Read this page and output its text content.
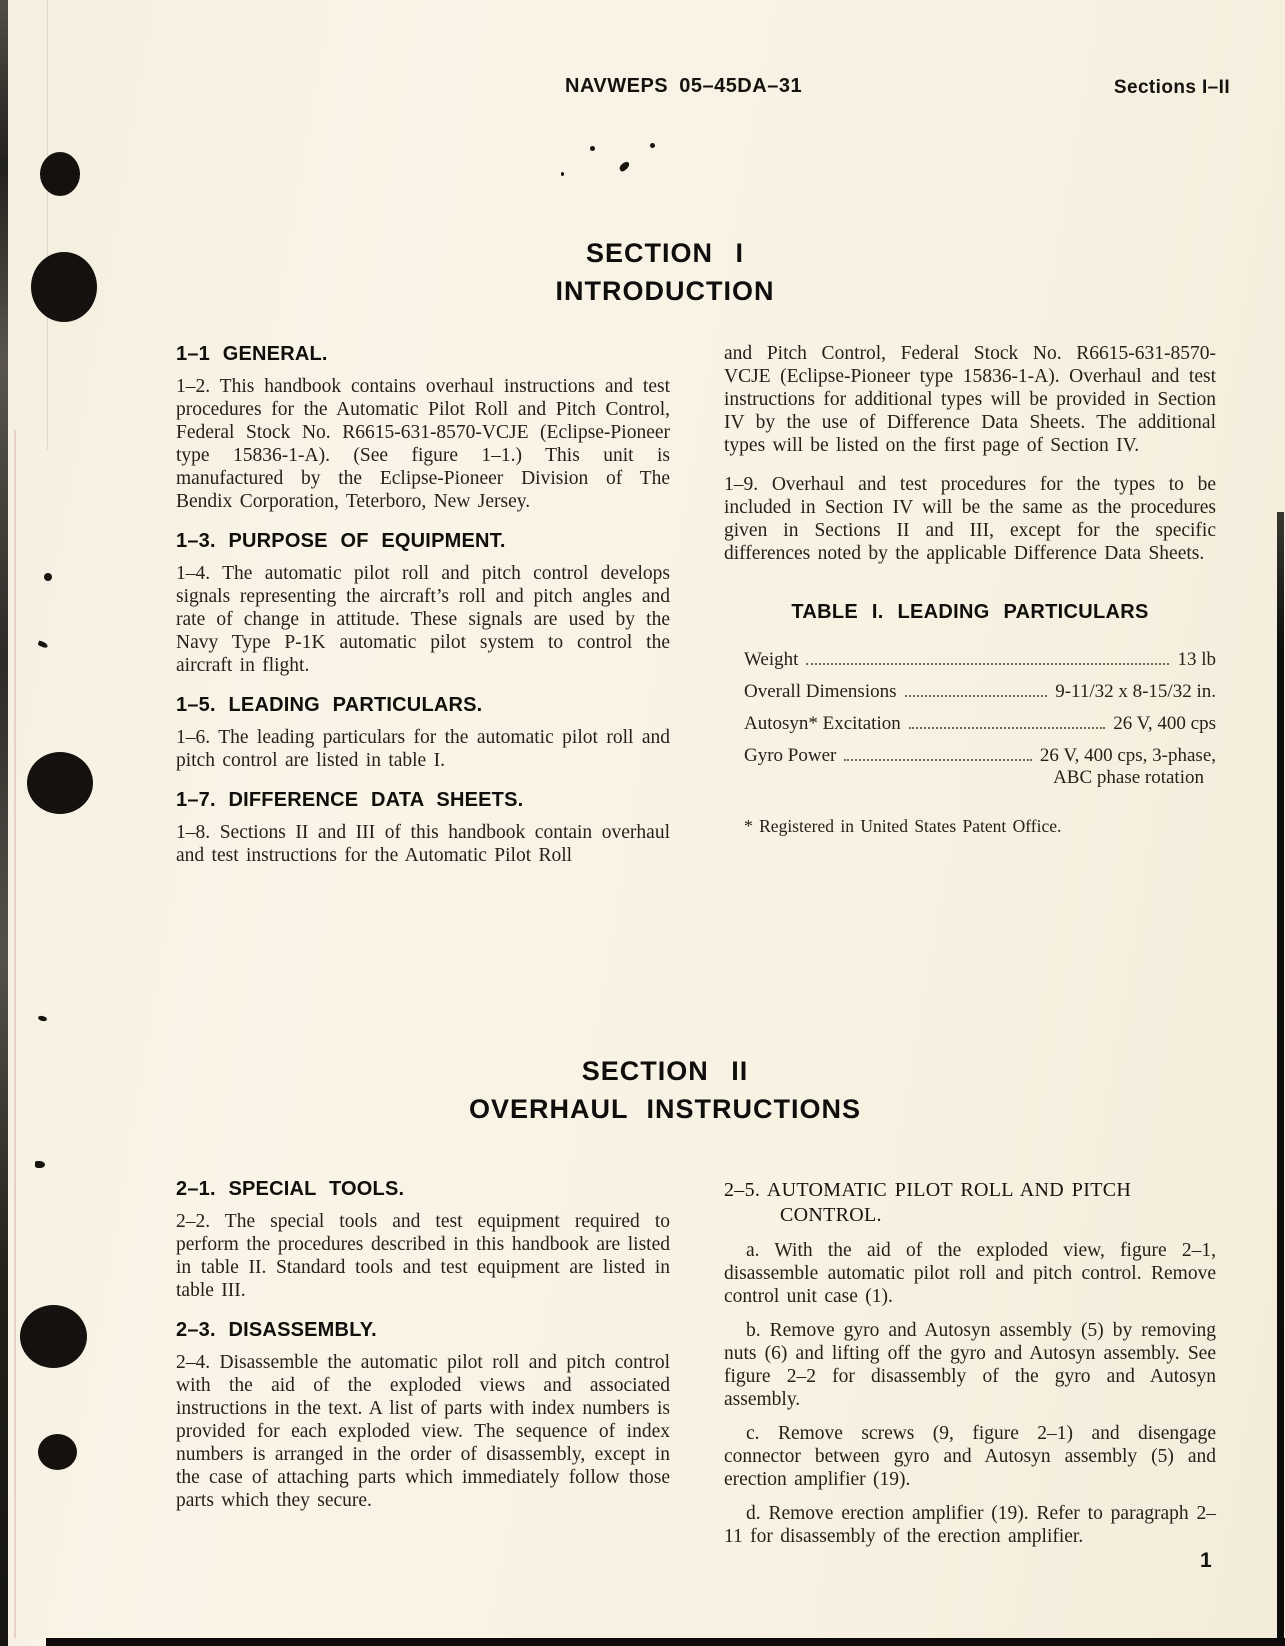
NAVWEPS 05–45DA–31	Sections I–II
SECTION I
INTRODUCTION
1–1 GENERAL.

1–2. This handbook contains overhaul instructions and test procedures for the Automatic Pilot Roll and Pitch Control, Federal Stock No. R6615-631-8570-VCJE (Eclipse-Pioneer type 15836-1-A). (See figure 1–1.) This unit is manufactured by the Eclipse-Pioneer Division of The Bendix Corporation, Teterboro, New Jersey.

1–3. PURPOSE OF EQUIPMENT.

1–4. The automatic pilot roll and pitch control develops signals representing the aircraft’s roll and pitch angles and rate of change in attitude. These signals are used by the Navy Type P-1K automatic pilot system to control the aircraft in flight.

1–5. LEADING PARTICULARS.

1–6. The leading particulars for the automatic pilot roll and pitch control are listed in table I.

1–7. DIFFERENCE DATA SHEETS.

1–8. Sections II and III of this handbook contain overhaul and test instructions for the Automatic Pilot Roll

and Pitch Control, Federal Stock No. R6615-631-8570-VCJE (Eclipse-Pioneer type 15836-1-A). Overhaul and test instructions for additional types will be provided in Section IV by the use of Difference Data Sheets. The additional types will be listed on the first page of Section IV.

1–9. Overhaul and test procedures for the types to be included in Section IV will be the same as the procedures given in Sections II and III, except for the specific differences noted by the applicable Difference Data Sheets.

TABLE I. LEADING PARTICULARS
Weight	13 lb
Overall Dimensions	9-11/32 x 8-15/32 in.
Autosyn* Excitation	26 V, 400 cps
Gyro Power	26 V, 400 cps, 3-phase,
ABC phase rotation
* Registered in United States Patent Office.
SECTION II
OVERHAUL INSTRUCTIONS
2–1. SPECIAL TOOLS.

2–2. The special tools and test equipment required to perform the procedures described in this handbook are listed in table II. Standard tools and test equipment are listed in table III.

2–3. DISASSEMBLY.

2–4. Disassemble the automatic pilot roll and pitch control with the aid of the exploded views and associated instructions in the text. A list of parts with index numbers is provided for each exploded view. The sequence of index numbers is arranged in the order of disassembly, except in the case of attaching parts which immediately follow those parts which they secure.

2–5. AUTOMATIC PILOT ROLL AND PITCH CONTROL.

a. With the aid of the exploded view, figure 2–1, disassemble automatic pilot roll and pitch control. Remove control unit case (1).

b. Remove gyro and Autosyn assembly (5) by removing nuts (6) and lifting off the gyro and Autosyn assembly. See figure 2–2 for disassembly of the gyro and Autosyn assembly.

c. Remove screws (9, figure 2–1) and disengage connector between gyro and Autosyn assembly (5) and erection amplifier (19).

d. Remove erection amplifier (19). Refer to paragraph 2–11 for disassembly of the erection amplifier.

1
